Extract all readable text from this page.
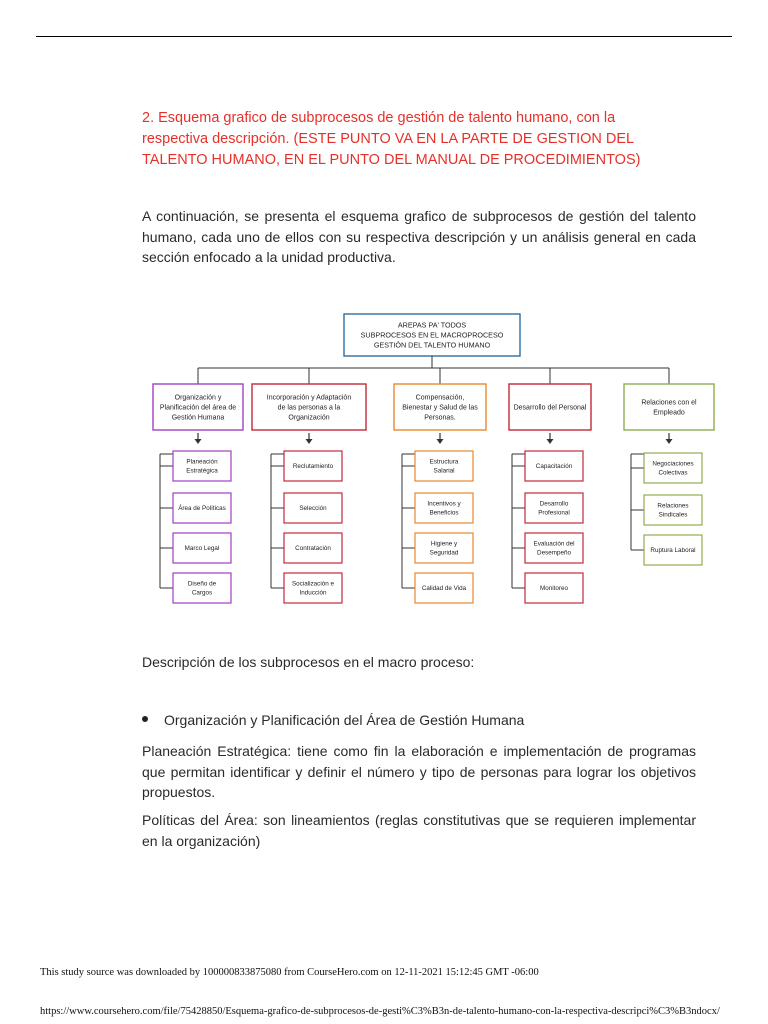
2. Esquema grafico de subprocesos de gestión de talento humano, con la respectiva descripción. (ESTE PUNTO VA EN LA PARTE DE GESTION DEL TALENTO HUMANO, EN EL PUNTO DEL MANUAL DE PROCEDIMIENTOS)
A continuación, se presenta el esquema grafico de subprocesos de gestión del talento humano, cada uno de ellos con su respectiva descripción y un análisis general en cada sección enfocado a la unidad productiva.
AREPAS PA' TODOS SUBPROCESOS EN EL MACROPROCESO GESTIÓN DEL TALENTO HUMANO
Organización y Planificación del área de Gestión Humana
Planeación Estratégica
Área de Políticas
Marco Legal
Diseño de Cargos
Incorporación y Adaptación de las personas a la Organización
Reclutamiento
Selección
Contratación
Socialización e Inducción
Compensación, Bienestar y Salud de las Personas.
Estructura Salarial
Incentivos y Beneficios
Higiene y Seguridad
Calidad de Vida
Desarrollo del Personal
Capacitación
Desarrollo Profesional
Evaluación del Desempeño
Monitoreo
Relaciones con el Empleado
Negociaciones Colectivas
Relaciones Sindicales
Ruptura Laboral
Descripción de los subprocesos en el macro proceso:
Organización y Planificación del Área de Gestión Humana
Planeación Estratégica: tiene como fin la elaboración e implementación de programas que permitan identificar y definir el número y tipo de personas para lograr los objetivos propuestos.
Políticas del Área: son lineamientos (reglas constitutivas que se requieren implementar en la organización)
This study source was downloaded by 100000833875080 from CourseHero.com on 12-11-2021 15:12:45 GMT -06:00
https://www.coursehero.com/file/75428850/Esquema-grafico-de-subprocesos-de-gesti%C3%B3n-de-talento-humano-con-la-respectiva-descripci%C3%B3ndocx/
